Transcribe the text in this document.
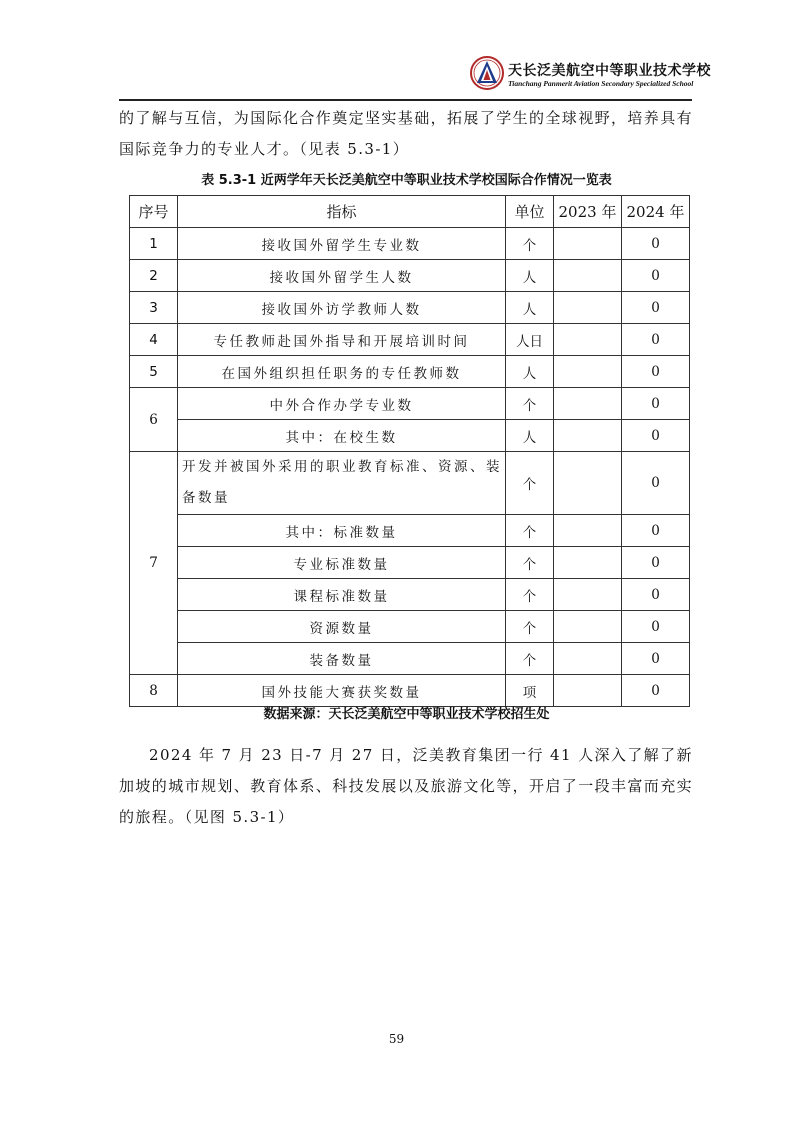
天长泛美航空中等职业技术学校
Tianchang Panmerit Aviation Secondary Specialized School
的了解与互信，为国际化合作奠定坚实基础，拓展了学生的全球视野，培养具有国际竞争力的专业人才。（见表 5.3-1）
表 5.3-1 近两学年天长泛美航空中等职业技术学校国际合作情况一览表
序号	指标	单位	2023 年	2024 年
1	接收国外留学生专业数	个		0
2	接收国外留学生人数	人		0
3	接收国外访学教师人数	人		0
4	专任教师赴国外指导和开展培训时间	人日		0
5	在国外组织担任职务的专任教师数	人		0
6	中外合作办学专业数	个		0
	其中：在校生数	人		0
7	开发并被国外采用的职业教育标准、资源、装备数量	个		0
	其中：标准数量	个		0
	专业标准数量	个		0
	课程标准数量	个		0
	资源数量	个		0
	装备数量	个		0
8	国外技能大赛获奖数量	项		0
数据来源：天长泛美航空中等职业技术学校招生处
2024 年 7 月 23 日-7 月 27 日，泛美教育集团一行 41 人深入了解了新加坡的城市规划、教育体系、科技发展以及旅游文化等，开启了一段丰富而充实的旅程。（见图 5.3-1）
59
